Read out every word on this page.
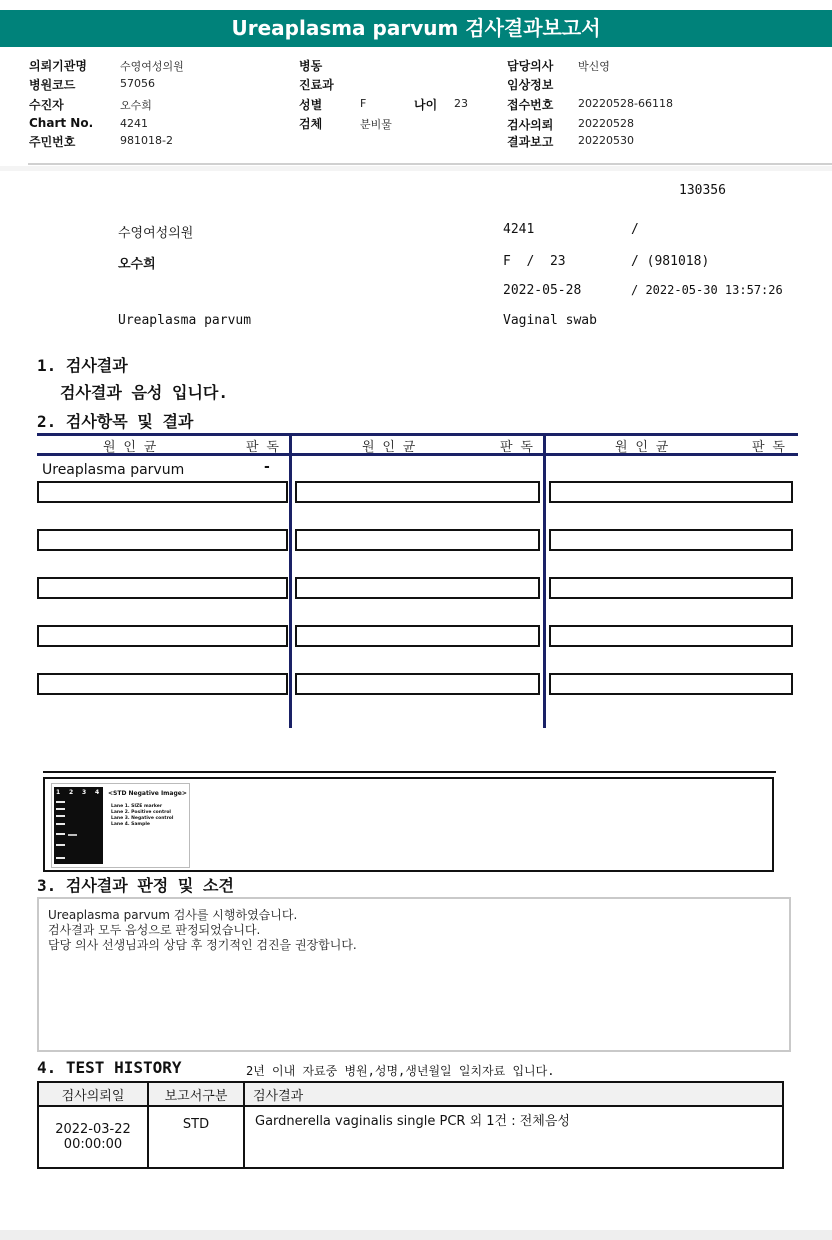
Ureaplasma parvum 검사결과보고서
의뢰기관명	수영여성의원
병원코드	57056
수진자	오수희
Chart No. 4241
주민번호	981018-2
병동
진료과
성별	F	나이 23
검체	분비물
담당의사 박신영
임상정보
접수번호 20220528-66118
검사의뢰 20220528
결과보고 20220530
130356
수영여성의원	4241	/
오수희	F  /  23	/ (981018)
2022-05-28	/ 2022-05-30 13:57:26
Ureaplasma parvum	Vaginal swab
1. 검사결과
검사결과 음성 입니다.
2. 검사항목 및 결과
원 인 균	판 독	원 인 균	판 독	원 인 균	판 독
Ureaplasma parvum	-
1 2 3 4 <STD Negative Image>
Lane 1. SIZE marker
Lane 2. Positive control
Lane 3. Negative control
Lane 4. Sample
3. 검사결과 판정 및 소견
Ureaplasma parvum 검사를 시행하였습니다.
검사결과 모두 음성으로 판정되었습니다.
담당 의사 선생님과의 상담 후 정기적인 검진을 권장합니다.
4. TEST HISTORY	2년 이내 자료중 병원,성명,생년월일 일치자료 입니다.
검사의뢰일	보고서구분	검사결과

2022-03-22
00:00:00	STD	Gardnerella vaginalis single PCR 외 1건 : 전체음성
